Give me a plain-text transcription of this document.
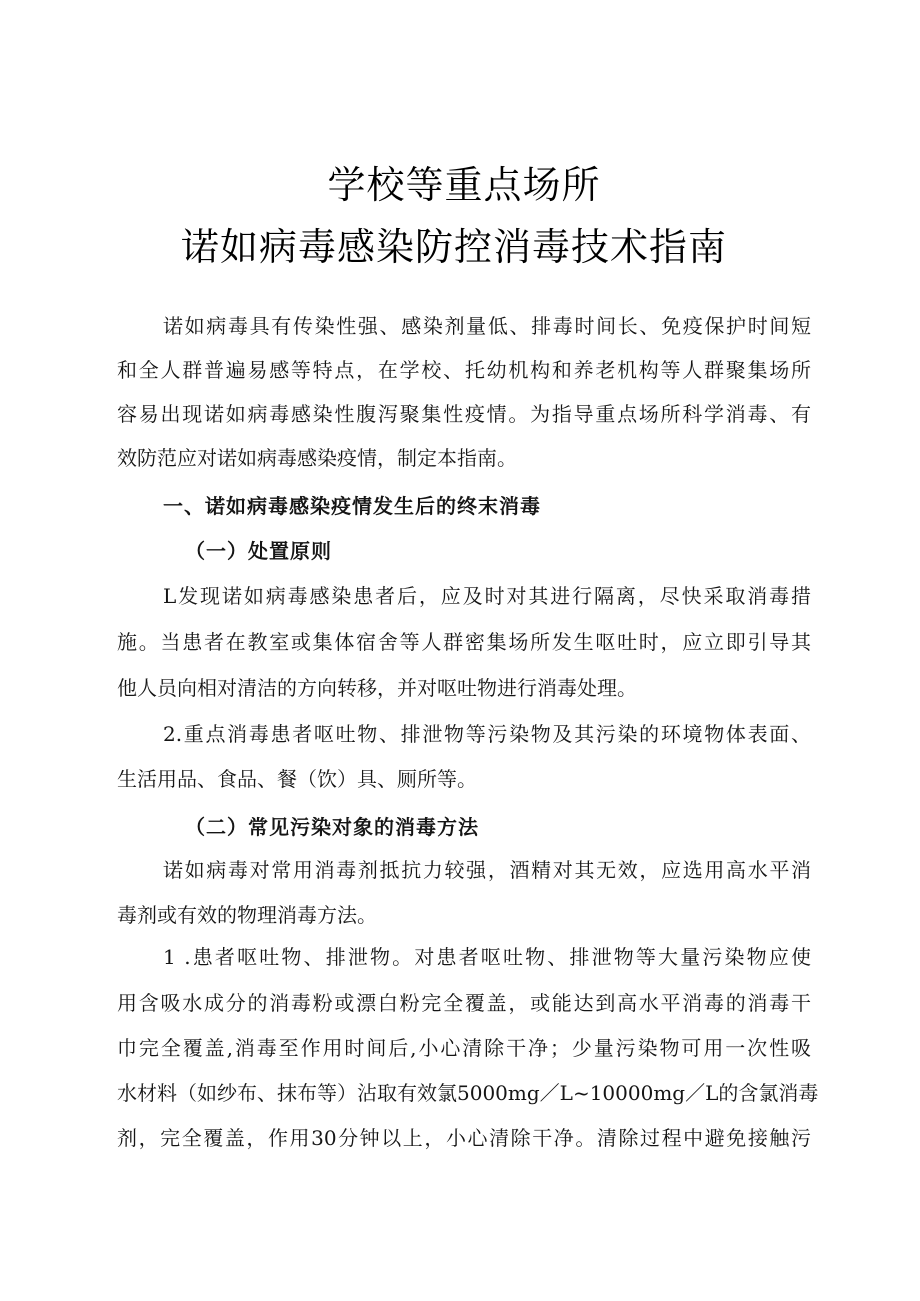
学校等重点场所
诺如病毒感染防控消毒技术指南
诺如病毒具有传染性强、感染剂量低、排毒时间长、免疫保护时间短
和全人群普遍易感等特点，在学校、托幼机构和养老机构等人群聚集场所
容易出现诺如病毒感染性腹泻聚集性疫情。为指导重点场所科学消毒、有
效防范应对诺如病毒感染疫情，制定本指南。
一、诺如病毒感染疫情发生后的终末消毒
（一）处置原则
L发现诺如病毒感染患者后，应及时对其进行隔离，尽快采取消毒措
施。当患者在教室或集体宿舍等人群密集场所发生呕吐时，应立即引导其
他人员向相对清洁的方向转移，并对呕吐物进行消毒处理。
2.重点消毒患者呕吐物、排泄物等污染物及其污染的环境物体表面、
生活用品、食品、餐（饮）具、厕所等。
（二）常见污染对象的消毒方法
诺如病毒对常用消毒剂抵抗力较强，酒精对其无效，应选用高水平消
毒剂或有效的物理消毒方法。
1 .患者呕吐物、排泄物。对患者呕吐物、排泄物等大量污染物应使
用含吸水成分的消毒粉或漂白粉完全覆盖，或能达到高水平消毒的消毒干
巾完全覆盖,消毒至作用时间后,小心清除干净；少量污染物可用一次性吸
水材料（如纱布、抹布等）沾取有效氯5000mg／L~10000mg／L的含氯消毒
剂，完全覆盖，作用30分钟以上，小心清除干净。清除过程中避免接触污
